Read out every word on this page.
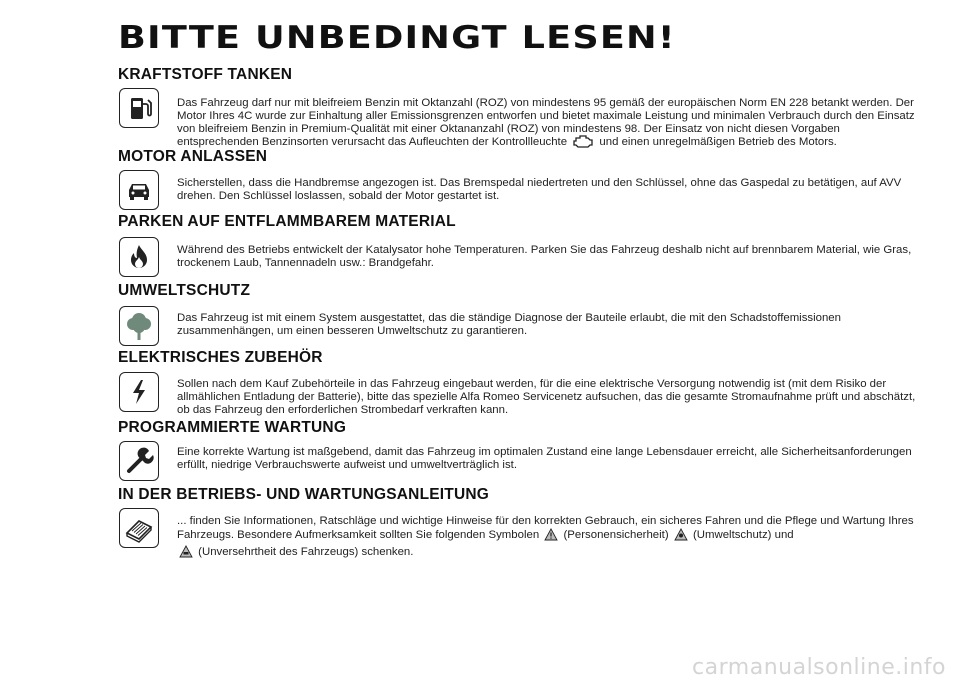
BITTE UNBEDINGT LESEN!
KRAFTSTOFF TANKEN
Das Fahrzeug darf nur mit bleifreiem Benzin mit Oktanzahl (ROZ) von mindestens 95 gemäß der europäischen Norm EN 228 betankt werden. Der Motor Ihres 4C wurde zur Einhaltung aller Emissionsgrenzen entworfen und bietet maximale Leistung und minimalen Verbrauch durch den Einsatz von bleifreiem Benzin in Premium-Qualität mit einer Oktananzahl (ROZ) von mindestens 98. Der Einsatz von nicht diesen Vorgaben entsprechenden Benzinsorten verursacht das Aufleuchten der Kontrollleuchte	und einen unregelmäßigen Betrieb des Motors.
MOTOR ANLASSEN
Sicherstellen, dass die Handbremse angezogen ist. Das Bremspedal niedertreten und den Schlüssel, ohne das Gaspedal zu betätigen, auf AVV drehen. Den Schlüssel loslassen, sobald der Motor gestartet ist.
PARKEN AUF ENTFLAMMBAREM MATERIAL
Während des Betriebs entwickelt der Katalysator hohe Temperaturen. Parken Sie das Fahrzeug deshalb nicht auf brennbarem Material, wie Gras, trockenem Laub, Tannennadeln usw.: Brandgefahr.
UMWELTSCHUTZ
Das Fahrzeug ist mit einem System ausgestattet, das die ständige Diagnose der Bauteile erlaubt, die mit den Schadstoffemissionen zusammenhängen, um einen besseren Umweltschutz zu garantieren.
ELEKTRISCHES ZUBEHÖR
Sollen nach dem Kauf Zubehörteile in das Fahrzeug eingebaut werden, für die eine elektrische Versorgung notwendig ist (mit dem Risiko der allmählichen Entladung der Batterie), bitte das spezielle Alfa Romeo Servicenetz aufsuchen, das die gesamte Stromaufnahme prüft und abschätzt, ob das Fahrzeug den erforderlichen Strombedarf verkraften kann.
PROGRAMMIERTE WARTUNG
Eine korrekte Wartung ist maßgebend, damit das Fahrzeug im optimalen Zustand eine lange Lebensdauer erreicht, alle Sicherheitsanforderungen erfüllt, niedrige Verbrauchswerte aufweist und umweltverträglich ist.
IN DER BETRIEBS- UND WARTUNGSANLEITUNG
... finden Sie Informationen, Ratschläge und wichtige Hinweise für den korrekten Gebrauch, ein sicheres Fahren und die Pflege und Wartung Ihres Fahrzeugs. Besondere Aufmerksamkeit sollten Sie folgenden Symbolen (Personensicherheit) (Umweltschutz) und
(Unversehrtheit des Fahrzeugs) schenken.
carmanualsonline.info
